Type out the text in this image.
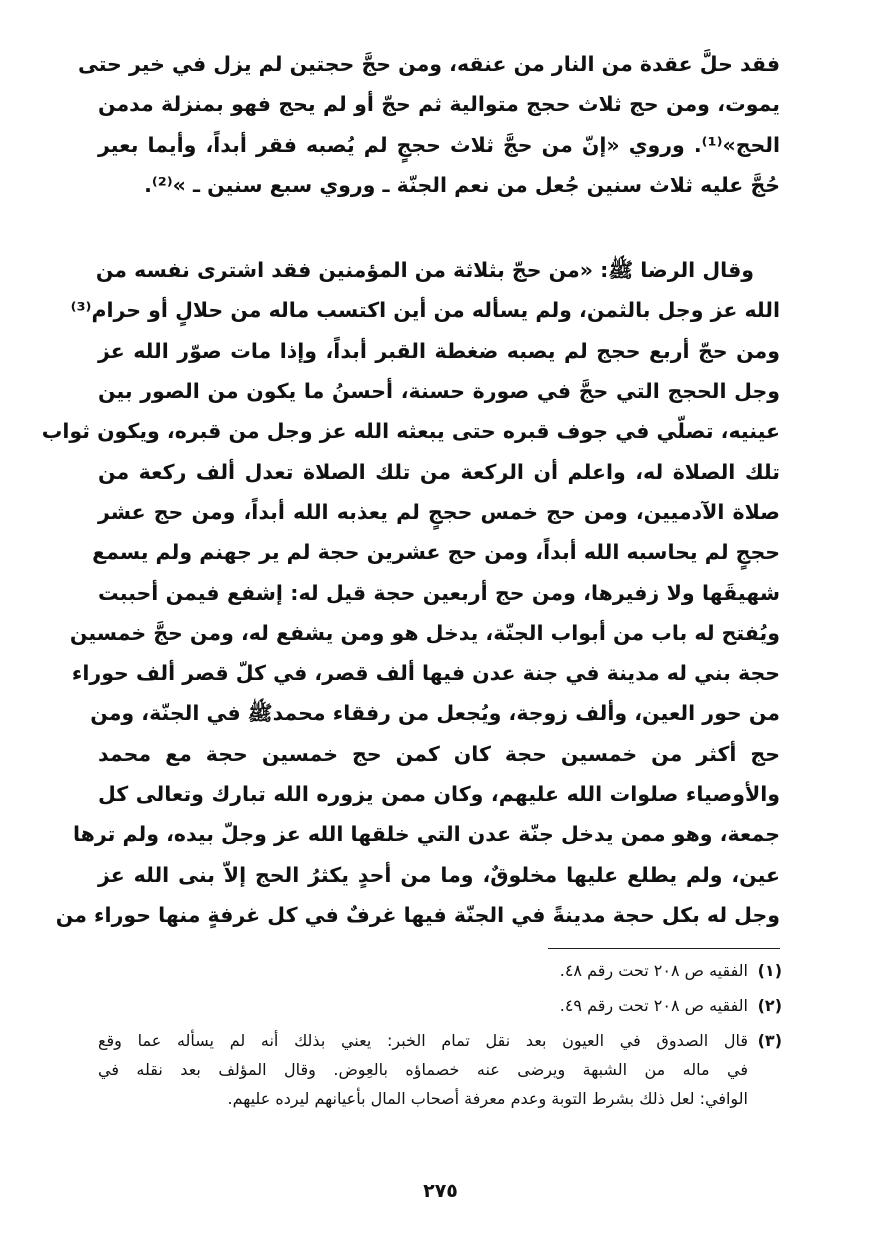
فقد حلَّ عقدة من النار من عنقه، ومن حجَّ حجتين لم يزل في خير حتى
يموت، ومن حج ثلاث حجج متوالية ثم حجّ أو لم يحج فهو بمنزلة مدمن
الحج»⁽¹⁾. وروي «إنّ من حجَّ ثلاث حججٍ لم يُصبه فقر أبداً، وأيما بعير
حُجَّ عليه ثلاث سنين جُعل من نعم الجنّة ـ وروي سبع سنين ـ »⁽²⁾.
وقال الرضا ﷺ: «من حجّ بثلاثة من المؤمنين فقد اشترى نفسه من
الله عز وجل بالثمن، ولم يسأله من أين اكتسب ماله من حلالٍ أو حرام⁽³⁾
ومن حجّ أربع حجج لم يصبه ضغطة القبر أبداً، وإذا مات صوّر الله عز
وجل الحجج التي حجَّ في صورة حسنة، أحسنُ ما يكون من الصور بين
عينيه، تصلّي في جوف قبره حتى يبعثه الله عز وجل من قبره، ويكون ثواب
تلك الصلاة له، واعلم أن الركعة من تلك الصلاة تعدل ألف ركعة من
صلاة الآدميين، ومن حج خمس حججٍ لم يعذبه الله أبداً، ومن حج عشر
حججٍ لم يحاسبه الله أبداً، ومن حج عشرين حجة لم ير جهنم ولم يسمع
شهيقَها ولا زفيرها، ومن حج أربعين حجة قيل له: إشفع فيمن أحببت
ويُفتح له باب من أبواب الجنّة، يدخل هو ومن يشفع له، ومن حجَّ خمسين
حجة بني له مدينة في جنة عدن فيها ألف قصر، في كلّ قصر ألف حوراء
من حور العين، وألف زوجة، ويُجعل من رفقاء محمدﷺ في الجنّة، ومن
حج أكثر من خمسين حجة كان كمن حج خمسين حجة مع محمد
والأوصياء صلوات الله عليهم، وكان ممن يزوره الله تبارك وتعالى كل
جمعة، وهو ممن يدخل جنّة عدن التي خلقها الله عز وجلّ بيده، ولم ترها
عين، ولم يطلع عليها مخلوقٌ، وما من أحدٍ يكثرُ الحج إلاّ بنى الله عز
وجل له بكل حجة مدينةً في الجنّة فيها غرفٌ في كل غرفةٍ منها حوراء من
(١)
الفقيه ص ٢٠٨ تحت رقم ٤٨.
(٢)
الفقيه ص ٢٠٨ تحت رقم ٤٩.
(٣)
قال الصدوق في العيون بعد نقل تمام الخبر: يعني بذلك أنه لم يسأله عما وقع
في ماله من الشبهة ويرضى عنه خصماؤه بالعِوض. وقال المؤلف بعد نقله في
الوافي: لعل ذلك بشرط التوبة وعدم معرفة أصحاب المال بأعيانهم ليرده عليهم.
٢٧٥
